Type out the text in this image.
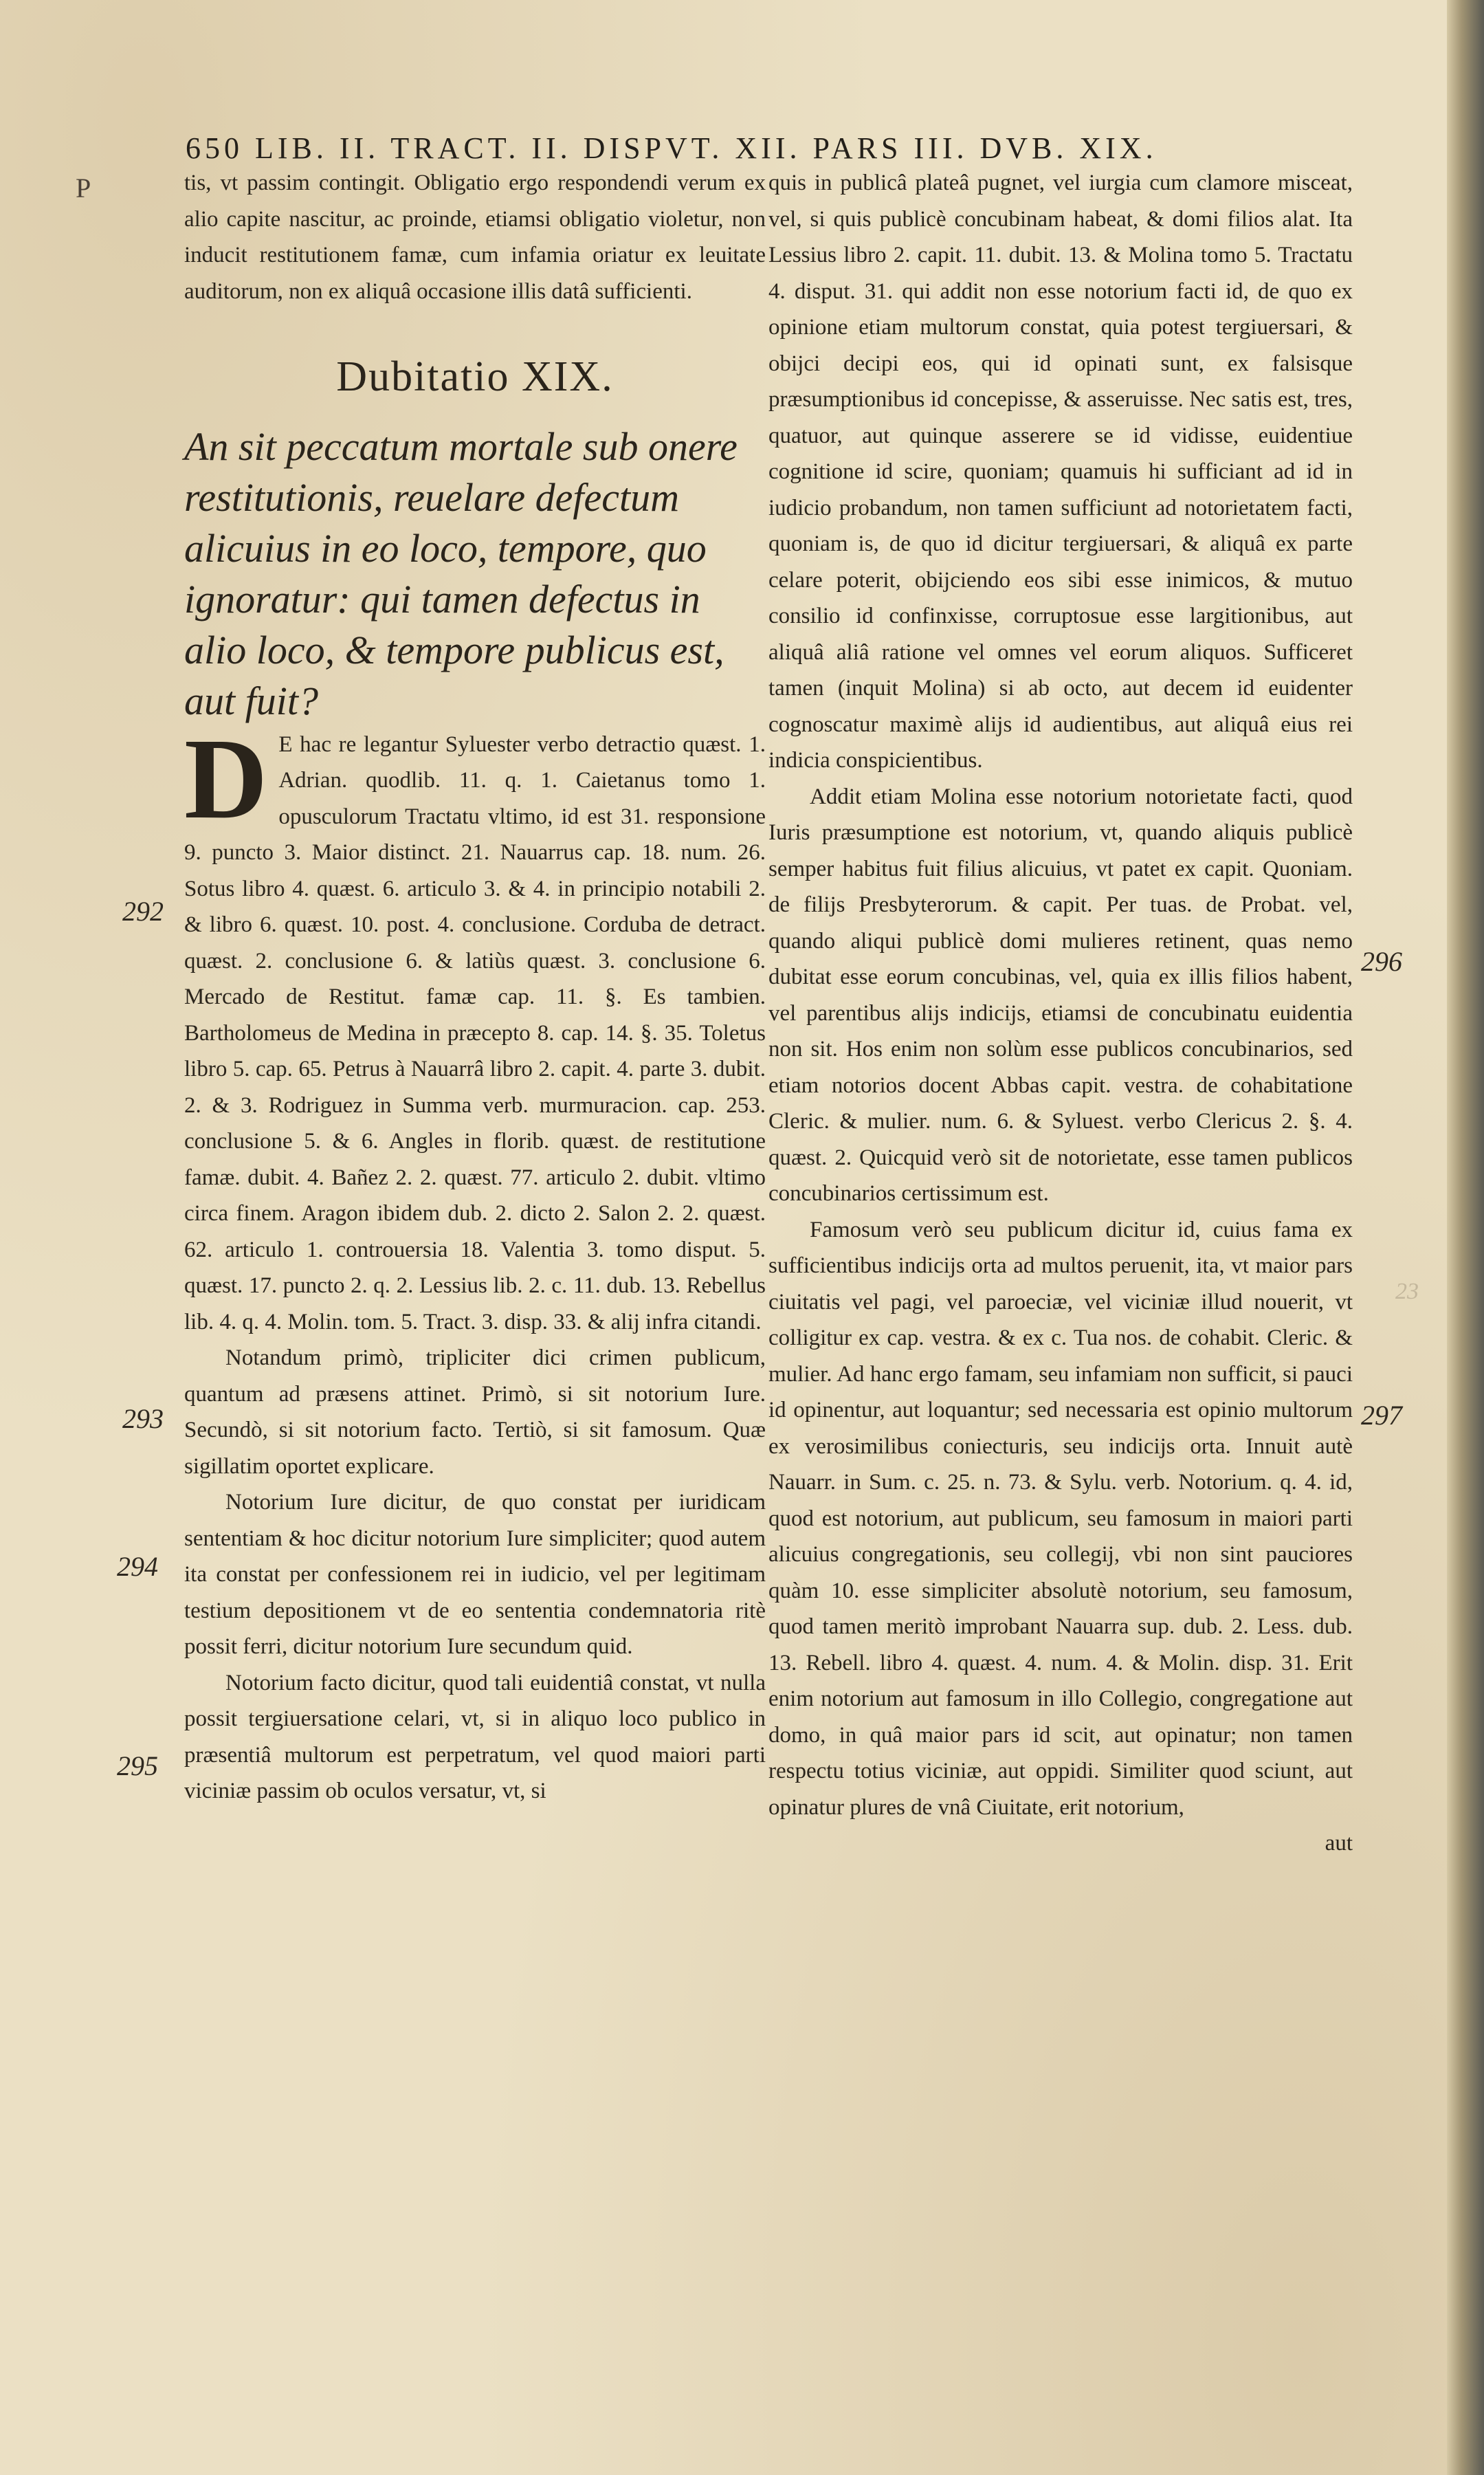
P
650 LIB. II. TRACT. II. DISPVT. XII. PARS III. DVB. XIX.

tis, vt passim contingit. Obligatio ergo respondendi verum ex alio capite nascitur, ac proinde, etiamsi obligatio violetur, non inducit restitutionem famæ, cum infamia oriatur ex leuitate auditorum, non ex aliquâ occasione illis datâ sufficienti.

Dubitatio XIX.

An sit peccatum mortale sub onere restitutionis, reuelare defectum alicuius in eo loco, tempore, quo ignoratur: qui tamen defectus in alio loco, & tempore publicus est, aut fuit?

D E hac re legantur Syluester verbo detractio quæst. 1. Adrian. quodlib. 11. q. 1. Caietanus tomo 1. opusculorum Tractatu vltimo, id est 31. responsione 9. puncto 3. Maior distinct. 21. Nauarrus cap. 18. num. 26. Sotus libro 4. quæst. 6. articulo 3. & 4. in principio notabili 2. & libro 6. quæst. 10. post. 4. conclusione. Corduba de detract. quæst. 2. conclusione 6. & latiùs quæst. 3. conclusione 6. Mercado de Restitut. famæ cap. 11. §. Es tambien. Bartholomeus de Medina in præcepto 8. cap. 14. §. 35. Toletus libro 5. cap. 65. Petrus à Nauarrâ libro 2. capit. 4. parte 3. dubit. 2. & 3. Rodriguez in Summa verb. murmuracion. cap. 253. conclusione 5. & 6. Angles in florib. quæst. de restitutione famæ. dubit. 4. Bañez 2. 2. quæst. 77. articulo 2. dubit. vltimo circa finem. Aragon ibidem dub. 2. dicto 2. Salon 2. 2. quæst. 62. articulo 1. controuersia 18. Valentia 3. tomo disput. 5. quæst. 17. puncto 2. q. 2. Lessius lib. 2. c. 11. dub. 13. Rebellus lib. 4. q. 4. Molin. tom. 5. Tract. 3. disp. 33. & alij infra citandi.

Notandum primò, tripliciter dici crimen publicum, quantum ad præsens attinet. Primò, si sit notorium Iure. Secundò, si sit notorium facto. Tertiò, si sit famosum. Quæ sigillatim oportet explicare.

Notorium Iure dicitur, de quo constat per iuridicam sententiam & hoc dicitur notorium Iure simpliciter; quod autem ita constat per confessionem rei in iudicio, vel per legitimam testium depositionem vt de eo sententia condemnatoria ritè possit ferri, dicitur notorium Iure secundum quid.

Notorium facto dicitur, quod tali euidentiâ constat, vt nulla possit tergiuersatione celari, vt, si in aliquo loco publico in præsentiâ multorum est perpetratum, vel quod maiori parti viciniæ passim ob oculos versatur, vt, si

quis in publicâ plateâ pugnet, vel iurgia cum clamore misceat, vel, si quis publicè concubinam habeat, & domi filios alat. Ita Lessius libro 2. capit. 11. dubit. 13. & Molina tomo 5. Tractatu 4. disput. 31. qui addit non esse notorium facti id, de quo ex opinione etiam multorum constat, quia potest tergiuersari, & obijci decipi eos, qui id opinati sunt, ex falsisque præsumptionibus id concepisse, & asseruisse. Nec satis est, tres, quatuor, aut quinque asserere se id vidisse, euidentiue cognitione id scire, quoniam; quamuis hi sufficiant ad id in iudicio probandum, non tamen sufficiunt ad notorietatem facti, quoniam is, de quo id dicitur tergiuersari, & aliquâ ex parte celare poterit, obijciendo eos sibi esse inimicos, & mutuo consilio id confinxisse, corruptosue esse largitionibus, aut aliquâ aliâ ratione vel omnes vel eorum aliquos. Sufficeret tamen (inquit Molina) si ab octo, aut decem id euidenter cognoscatur maximè alijs id audientibus, aut aliquâ eius rei indicia conspicientibus.

Addit etiam Molina esse notorium notorietate facti, quod Iuris præsumptione est notorium, vt, quando aliquis publicè semper habitus fuit filius alicuius, vt patet ex capit. Quoniam. de filijs Presbyterorum. & capit. Per tuas. de Probat. vel, quando aliqui publicè domi mulieres retinent, quas nemo dubitat esse eorum concubinas, vel, quia ex illis filios habent, vel parentibus alijs indicijs, etiamsi de concubinatu euidentia non sit. Hos enim non solùm esse publicos concubinarios, sed etiam notorios docent Abbas capit. vestra. de cohabitatione Cleric. & mulier. num. 6. & Syluest. verbo Clericus 2. §. 4. quæst. 2. Quicquid verò sit de notorietate, esse tamen publicos concubinarios certissimum est.

Famosum verò seu publicum dicitur id, cuius fama ex sufficientibus indicijs orta ad multos peruenit, ita, vt maior pars ciuitatis vel pagi, vel paroeciæ, vel viciniæ illud nouerit, vt colligitur ex cap. vestra. & ex c. Tua nos. de cohabit. Cleric. & mulier. Ad hanc ergo famam, seu infamiam non sufficit, si pauci id opinentur, aut loquantur; sed necessaria est opinio multorum ex verosimilibus coniecturis, seu indicijs orta. Innuit autè Nauarr. in Sum. c. 25. n. 73. & Sylu. verb. Notorium. q. 4. id, quod est notorium, aut publicum, seu famosum in maiori parti alicuius congregationis, seu collegij, vbi non sint pauciores quàm 10. esse simpliciter absolutè notorium, seu famosum, quod tamen meritò improbant Nauarra sup. dub. 2. Less. dub. 13. Rebell. libro 4. quæst. 4. num. 4. & Molin. disp. 31. Erit enim notorium aut famosum in illo Collegio, congregatione aut domo, in quâ maior pars id scit, aut opinatur; non tamen respectu totius viciniæ, aut oppidi. Similiter quod sciunt, aut opinatur plures de vnâ Ciuitate, erit notorium,

aut

292
293
294
295
296
297
23
